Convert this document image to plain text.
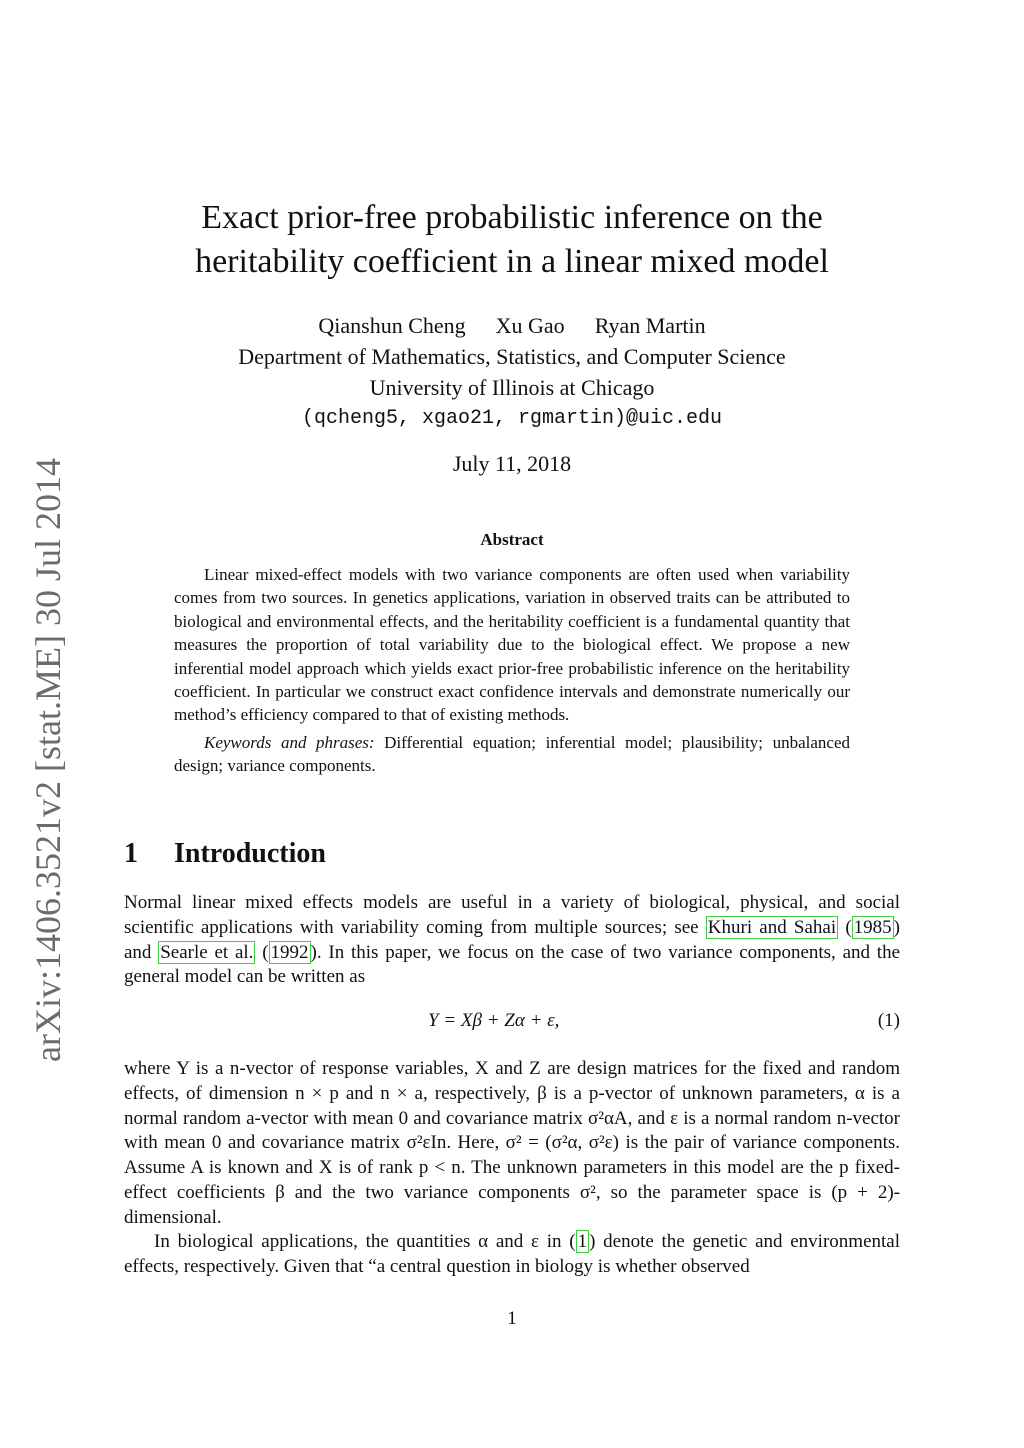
arXiv:1406.3521v2 [stat.ME] 30 Jul 2014
Exact prior-free probabilistic inference on the
heritability coefficient in a linear mixed model
Qianshun Cheng Xu Gao Ryan Martin
Department of Mathematics, Statistics, and Computer Science
University of Illinois at Chicago
(qcheng5, xgao21, rgmartin)@uic.edu
July 11, 2018
Abstract

Linear mixed-effect models with two variance components are often used when variability comes from two sources. In genetics applications, variation in observed traits can be attributed to biological and environmental effects, and the heritability coefficient is a fundamental quantity that measures the proportion of total variability due to the biological effect. We propose a new inferential model approach which yields exact prior-free probabilistic inference on the heritability coefficient. In particular we construct exact confidence intervals and demonstrate numerically our method’s efficiency compared to that of existing methods.

Keywords and phrases: Differential equation; inferential model; plausibility; unbalanced design; variance components.

1 Introduction

Normal linear mixed effects models are useful in a variety of biological, physical, and social scientific applications with variability coming from multiple sources; see Khuri and Sahai ( 1985 ) and Searle et al. ( 1992 ). In this paper, we focus on the case of two variance components, and the general model can be written as

Y = Xβ + Zα + ε,	(1)

where Y is a n-vector of response variables, X and Z are design matrices for the fixed and random effects, of dimension n × p and n × a, respectively, β is a p-vector of unknown parameters, α is a normal random a-vector with mean 0 and covariance matrix σ²αA, and ε is a normal random n-vector with mean 0 and covariance matrix σ²εIn. Here, σ² = (σ²α, σ²ε) is the pair of variance components. Assume A is known and X is of rank p < n. The unknown parameters in this model are the p fixed-effect coefficients β and the two variance components σ², so the parameter space is (p + 2)-dimensional.

In biological applications, the quantities α and ε in ( 1 ) denote the genetic and environmental effects, respectively. Given that “a central question in biology is whether observed

1
